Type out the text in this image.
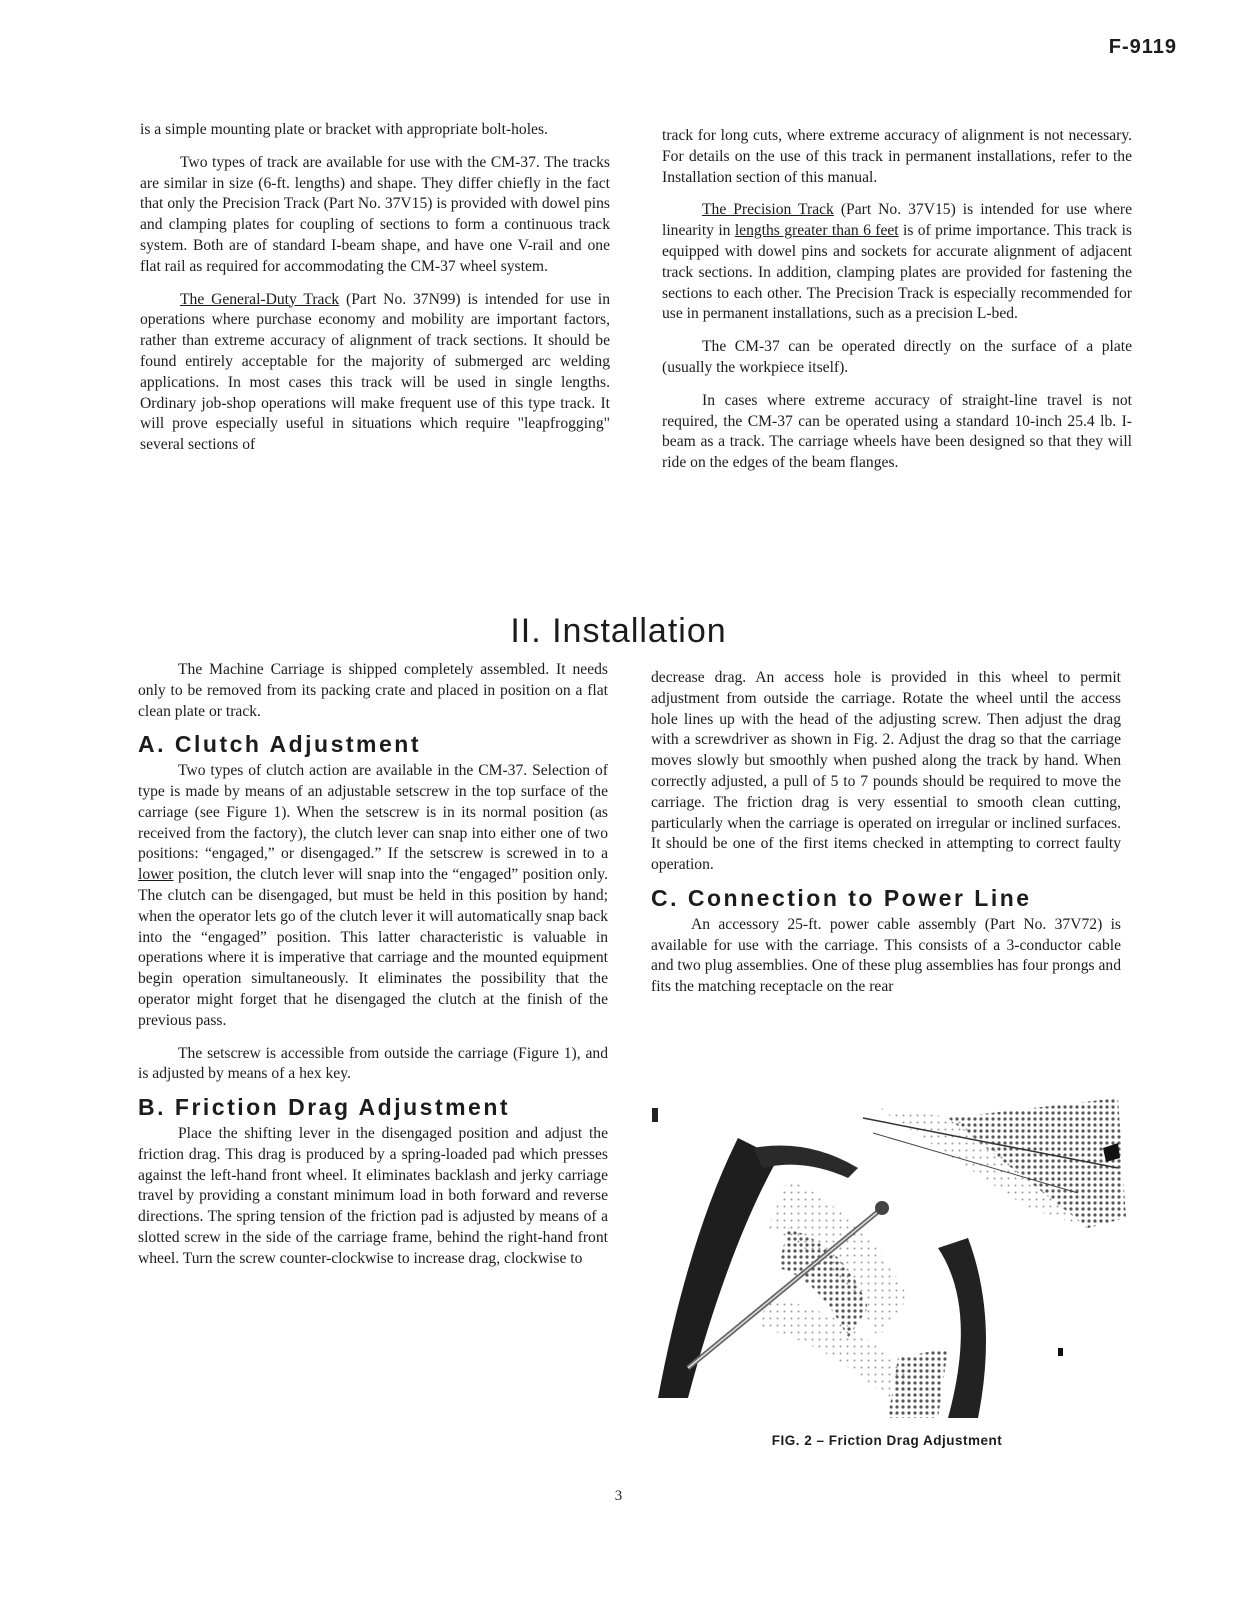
F-9119

is a simple mounting plate or bracket with appropriate bolt-holes.

Two types of track are available for use with the CM-37. The tracks are similar in size (6-ft. lengths) and shape. They differ chiefly in the fact that only the Precision Track (Part No. 37V15) is provided with dowel pins and clamping plates for coupling of sections to form a continuous track system. Both are of standard I-beam shape, and have one V-rail and one flat rail as required for accommodating the CM-37 wheel system.

The General-Duty Track (Part No. 37N99) is intended for use in operations where purchase economy and mobility are important factors, rather than extreme accuracy of alignment of track sections. It should be found entirely acceptable for the majority of submerged arc welding applications. In most cases this track will be used in single lengths. Ordinary job-shop operations will make frequent use of this type track. It will prove especially useful in situations which require "leapfrogging" several sections of

track for long cuts, where extreme accuracy of alignment is not necessary. For details on the use of this track in permanent installations, refer to the Installation section of this manual.

The Precision Track (Part No. 37V15) is intended for use where linearity in lengths greater than 6 feet is of prime importance. This track is equipped with dowel pins and sockets for accurate alignment of adjacent track sections. In addition, clamping plates are provided for fastening the sections to each other. The Precision Track is especially recommended for use in permanent installations, such as a precision L-bed.

The CM-37 can be operated directly on the surface of a plate (usually the workpiece itself).

In cases where extreme accuracy of straight-line travel is not required, the CM-37 can be operated using a standard 10-inch 25.4 lb. I-beam as a track. The carriage wheels have been designed so that they will ride on the edges of the beam flanges.

II. Installation

The Machine Carriage is shipped completely assembled. It needs only to be removed from its packing crate and placed in position on a flat clean plate or track.

A. Clutch Adjustment

Two types of clutch action are available in the CM-37. Selection of type is made by means of an adjustable setscrew in the top surface of the carriage (see Figure 1). When the setscrew is in its normal position (as received from the factory), the clutch lever can snap into either one of two positions: “engaged,” or disengaged.” If the setscrew is screwed in to a lower position, the clutch lever will snap into the “engaged” position only. The clutch can be disengaged, but must be held in this position by hand; when the operator lets go of the clutch lever it will automatically snap back into the “engaged” position. This latter characteristic is valuable in operations where it is imperative that carriage and the mounted equipment begin operation simultaneously. It eliminates the possibility that the operator might forget that he disengaged the clutch at the finish of the previous pass.

The setscrew is accessible from outside the carriage (Figure 1), and is adjusted by means of a hex key.

B. Friction Drag Adjustment

Place the shifting lever in the disengaged position and adjust the friction drag. This drag is produced by a spring-loaded pad which presses against the left-hand front wheel. It eliminates backlash and jerky carriage travel by providing a constant minimum load in both forward and reverse directions. The spring tension of the friction pad is adjusted by means of a slotted screw in the side of the carriage frame, behind the right-hand front wheel. Turn the screw counter-clockwise to increase drag, clockwise to

decrease drag. An access hole is provided in this wheel to permit adjustment from outside the carriage. Rotate the wheel until the access hole lines up with the head of the adjusting screw. Then adjust the drag with a screwdriver as shown in Fig. 2. Adjust the drag so that the carriage moves slowly but smoothly when pushed along the track by hand. When correctly adjusted, a pull of 5 to 7 pounds should be required to move the carriage. The friction drag is very essential to smooth clean cutting, particularly when the carriage is operated on irregular or inclined surfaces. It should be one of the first items checked in attempting to correct faulty operation.

C. Connection to Power Line

An accessory 25-ft. power cable assembly (Part No. 37V72) is available for use with the carriage. This consists of a 3-conductor cable and two plug assemblies. One of these plug assemblies has four prongs and fits the matching receptacle on the rear

FIG. 2 – Friction Drag Adjustment
3
